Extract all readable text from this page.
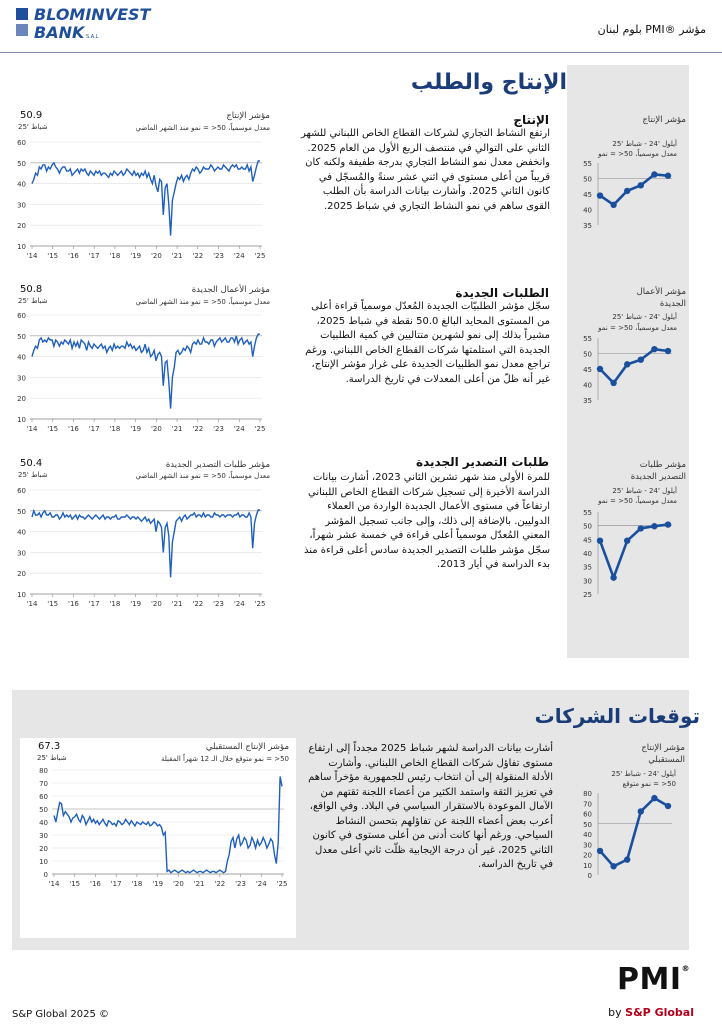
BLOMINVEST
BANK S.A.L
مؤشر ®PMI بلوم لبنان
الإنتاج والطلب
الإنتاج
ارتفع النشاط التجاري لشركات القطاع الخاص اللبناني للشهر الثاني على التوالي في منتصف الربع الأول من العام 2025. وانخفض معدل نمو النشاط التجاري بدرجة طفيفة ولكنه كان قريباً من أعلى مستوى في اثني عشر سنةً والمُسجّل في كانون الثاني 2025. وأشارت بيانات الدراسة بأن الطلب القوى ساهم في نمو النشاط التجاري في شباط 2025.
مؤشر الإنتاج
معدل موسمياً، 50< = نمو منذ الشهر الماضي
50.9
شباط '25
10
20
30
40
50
60
'14 '15 '16 '17 '18 '19 '20 '21 '22 '23 '24 '25
مؤشر الإنتاج
أيلول '24 - شباط '25
معدل موسمياً، 50< = نمو
35
40
45
50
55
الطلبات الجديدة
سجّل مؤشر الطلبيّات الجديدة المُعدّل موسمياً قراءة أعلى من المستوى المحايد البالغ 50.0 نقطة في شباط 2025، مشيراً بذلك إلى نمو لشهرين متتاليين في كمية الطلبيات الجديدة التي استلمتها شركات القطاع الخاص اللبناني. ورغم تراجع معدل نمو الطلبيات الجديدة على غرار مؤشر الإنتاج، غير أنه ظلّ من أعلى المعدلات في تاريخ الدراسة.
مؤشر الأعمال الجديدة
معدل موسمياً، 50< = نمو منذ الشهر الماضي
50.8
شباط '25
10
20
30
40
50
60
'14 '15 '16 '17 '18 '19 '20 '21 '22 '23 '24 '25
مؤشر الأعمال الجديدة
أيلول '24 - شباط '25
معدل موسمياً، 50< = نمو
35
40
45
50
55
طلبات التصدير الجديدة
للمرة الأولى منذ شهر تشرين الثاني 2023، أشارت بيانات الدراسة الأخيرة إلى تسجيل شركات القطاع الخاص اللبناني ارتفاعاً في مستوى الأعمال الجديدة الواردة من العملاء الدوليين. بالإضافة إلى ذلك، وإلى جانب تسجيل المؤشر المعني المُعدّل موسمياً أعلى قراءة في خمسة عشر شهراً، سجّل مؤشر طلبات التصدير الجديدة سادس أعلى قراءة منذ بدء الدراسة في أيار 2013.
مؤشر طلبات التصدير الجديدة
معدل موسمياً، 50< = نمو منذ الشهر الماضي
50.4
شباط '25
10
20
30
40
50
60
'14 '15 '16 '17 '18 '19 '20 '21 '22 '23 '24 '25
مؤشر طلبات التصدير الجديدة
أيلول '24 - شباط '25
معدل موسمياً، 50< = نمو
25
30
35
40
45
50
55
توقعات الشركات
مؤشر الإنتاج المستقبلي
50< = نمو متوقع خلال الـ 12 شهراً المقبلة
67.3
شباط '25
0
10
20
30
40
50
60
70
80
'14 '15 '16 '17 '18 '19 '20 '21 '22 '23 '24 '25
أشارت بيانات الدراسة لشهر شباط 2025 مجدداً إلى ارتفاع مستوى تفاؤل شركات القطاع الخاص اللبناني. وأشارت الأدلة المنقولة إلى أن انتخاب رئيس للجمهورية مؤخراً ساهم في تعزيز الثقة واستمد الكثير من أعضاء اللجنة ثقتهم من الآمال الموعودة بالاستقرار السياسي في البلاد. وفي الواقع، أعرب بعض أعضاء اللجنة عن تفاؤلهم بتحسن النشاط السياحي. ورغم أنها كانت أدنى من أعلى مستوى في كانون الثاني 2025، غير أن درجة الإيجابية ظلّت ثاني أعلى معدل في تاريخ الدراسة.
مؤشر الإنتاج المستقبلي
أيلول '24 - شباط '25
50< = نمو متوقع
0
10
20
30
40
50
60
70
80
S&P Global 2025 ©
PMI®
by S&P Global
